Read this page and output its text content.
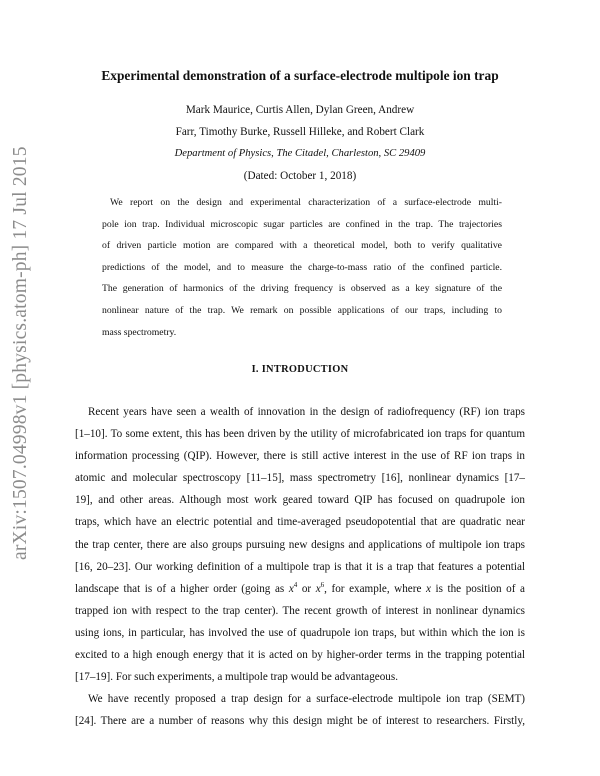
arXiv:1507.04998v1 [physics.atom-ph] 17 Jul 2015
Experimental demonstration of a surface-electrode multipole ion trap
Mark Maurice, Curtis Allen, Dylan Green, Andrew
Farr, Timothy Burke, Russell Hilleke, and Robert Clark
Department of Physics, The Citadel, Charleston, SC 29409
(Dated: October 1, 2018)
We report on the design and experimental characterization of a surface-electrode multi-
pole ion trap. Individual microscopic sugar particles are confined in the trap. The trajectories
of driven particle motion are compared with a theoretical model, both to verify qualitative
predictions of the model, and to measure the charge-to-mass ratio of the confined particle.
The generation of harmonics of the driving frequency is observed as a key signature of the
nonlinear nature of the trap. We remark on possible applications of our traps, including to
mass spectrometry.
I. INTRODUCTION
Recent years have seen a wealth of innovation in the design of radiofrequency (RF) ion traps
[1–10]. To some extent, this has been driven by the utility of microfabricated ion traps for quantum
information processing (QIP). However, there is still active interest in the use of RF ion traps in
atomic and molecular spectroscopy [11–15], mass spectrometry [16], nonlinear dynamics [17–
19], and other areas. Although most work geared toward QIP has focused on quadrupole ion
traps, which have an electric potential and time-averaged pseudopotential that are quadratic near
the trap center, there are also groups pursuing new designs and applications of multipole ion traps
[16, 20–23]. Our working definition of a multipole trap is that it is a trap that features a potential
landscape that is of a higher order (going as $x^4$ or $x^6$, for example, where x is the position of a
trapped ion with respect to the trap center). The recent growth of interest in nonlinear dynamics
using ions, in particular, has involved the use of quadrupole ion traps, but within which the ion is
excited to a high enough energy that it is acted on by higher-order terms in the trapping potential
[17–19]. For such experiments, a multipole trap would be advantageous.
We have recently proposed a trap design for a surface-electrode multipole ion trap (SEMT)
[24]. There are a number of reasons why this design might be of interest to researchers. Firstly,
